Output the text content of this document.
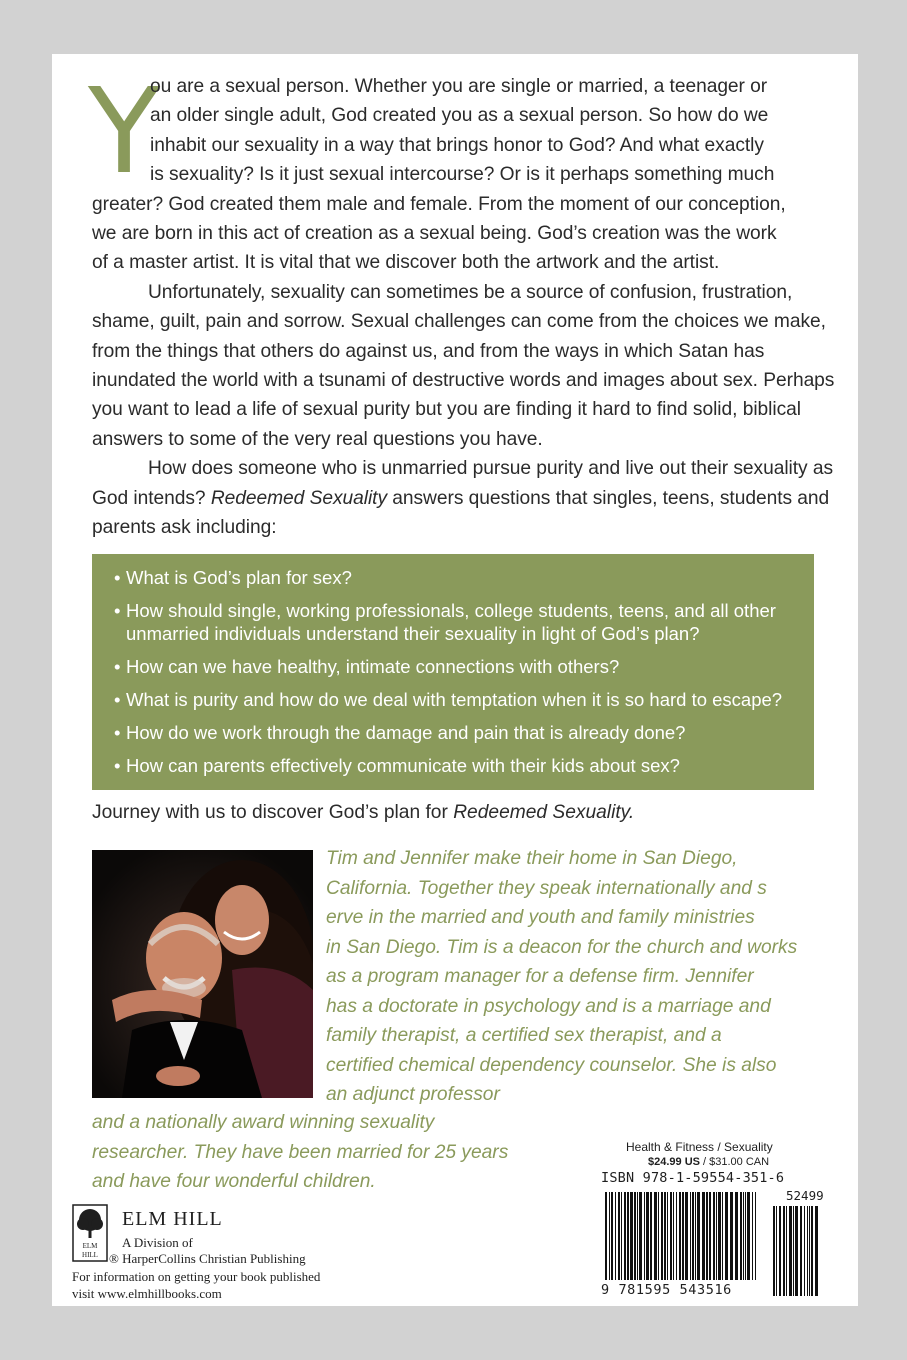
Y

ou are a sexual person. Whether you are single or married, a teenager or
an older single adult, God created you as a sexual person. So how do we
inhabit our sexuality in a way that brings honor to God? And what exactly
is sexuality? Is it just sexual intercourse? Or is it perhaps something much
greater? God created them male and female. From the moment of our conception,
we are born in this act of creation as a sexual being. God’s creation was the work
of a master artist. It is vital that we discover both the artwork and the artist.

Unfortunately, sexuality can sometimes be a source of confusion, frustration, shame, guilt, pain and sorrow. Sexual challenges can come from the choices we make, from the things that others do against us, and from the ways in which Satan has inundated the world with a tsunami of destructive words and images about sex. Perhaps you want to lead a life of sexual purity but you are finding it hard to find solid, biblical answers to some of the very real questions you have.

How does someone who is unmarried pursue purity and live out their sexuality as God intends? Redeemed Sexuality answers questions that singles, teens, students and parents ask including:

• What is God’s plan for sex?
• How should single, working professionals, college students, teens, and all other unmarried individuals understand their sexuality in light of God’s plan?
• How can we have healthy, intimate connections with others?
• What is purity and how do we deal with temptation when it is so hard to escape?
• How do we work through the damage and pain that is already done?
• How can parents effectively communicate with their kids about sex?
Journey with us to discover God’s plan for Redeemed Sexuality.
Tim and Jennifer make their home in San Diego,
California. Together they speak internationally and s
erve in the married and youth and family ministries
in San Diego. Tim is a deacon for the church and works
as a program manager for a defense firm. Jennifer
has a doctorate in psychology and is a marriage and
family therapist, a certified sex therapist, and a
certified chemical dependency counselor. She is also
an adjunct professor
and a nationally award winning sexuality
researcher. They have been married for 25 years
and have four wonderful children.
ELM
HILL
ELM HILL
A Division of
® HarperCollins Christian Publishing
For information on getting your book published
visit www.elmhillbooks.com
Health & Fitness / Sexuality
$24.99 US / $31.00 CAN
ISBN 978-1-59554-351-6
52499
9 781595 543516
